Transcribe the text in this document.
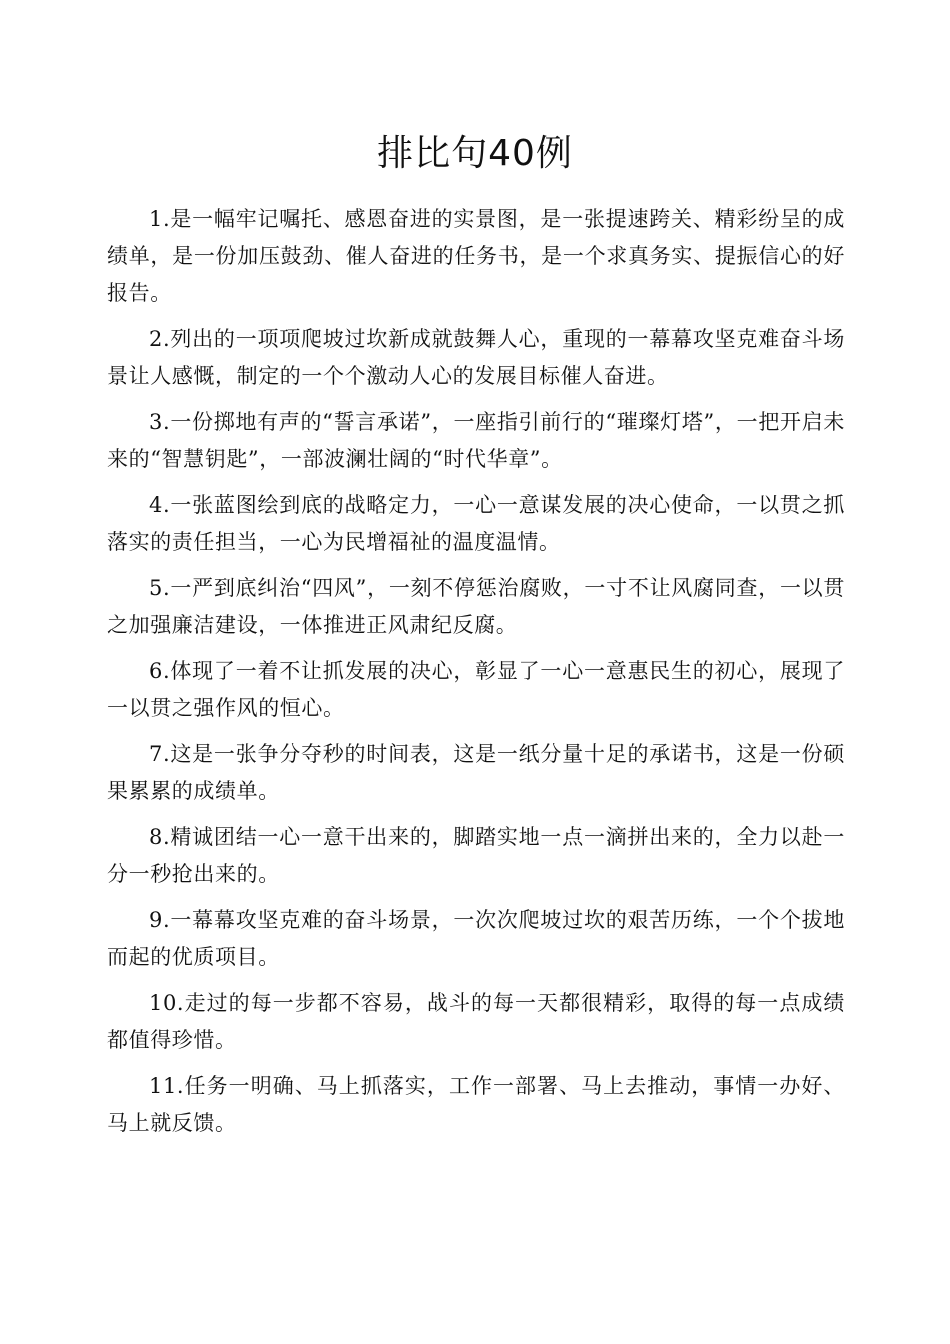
排比句40例

1.是一幅牢记嘱托、感恩奋进的实景图，是一张提速跨关、精彩纷呈的成绩单，是一份加压鼓劲、催人奋进的任务书，是一个求真务实、提振信心的好报告。

2.列出的一项项爬坡过坎新成就鼓舞人心，重现的一幕幕攻坚克难奋斗场景让人感慨，制定的一个个激动人心的发展目标催人奋进。

3.一份掷地有声的“誓言承诺”，一座指引前行的“璀璨灯塔”，一把开启未来的“智慧钥匙”，一部波澜壮阔的“时代华章”。

4.一张蓝图绘到底的战略定力，一心一意谋发展的决心使命，一以贯之抓落实的责任担当，一心为民增福祉的温度温情。

5.一严到底纠治“四风”，一刻不停惩治腐败，一寸不让风腐同查，一以贯之加强廉洁建设，一体推进正风肃纪反腐。

6.体现了一着不让抓发展的决心，彰显了一心一意惠民生的初心，展现了一以贯之强作风的恒心。

7.这是一张争分夺秒的时间表，这是一纸分量十足的承诺书，这是一份硕果累累的成绩单。

8.精诚团结一心一意干出来的，脚踏实地一点一滴拼出来的，全力以赴一分一秒抢出来的。

9.一幕幕攻坚克难的奋斗场景，一次次爬坡过坎的艰苦历练，一个个拔地而起的优质项目。

10.走过的每一步都不容易，战斗的每一天都很精彩，取得的每一点成绩都值得珍惜。

11.任务一明确、马上抓落实，工作一部署、马上去推动，事情一办好、马上就反馈。
